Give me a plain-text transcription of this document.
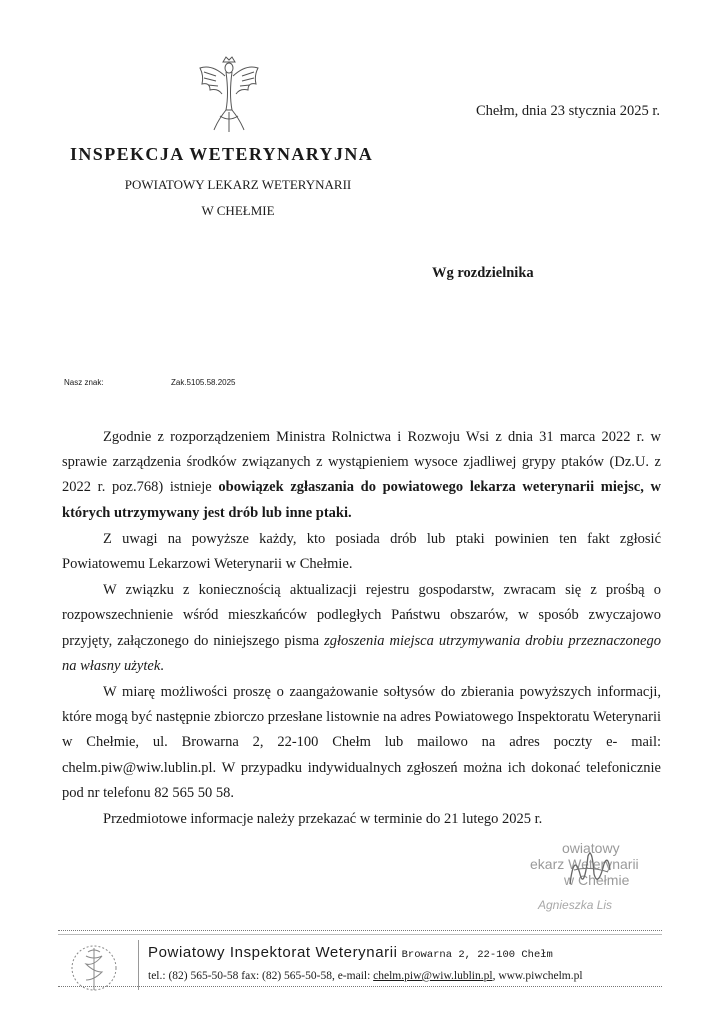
Chełm, dnia 23 stycznia 2025 r.
INSPEKCJA WETERYNARYJNA
POWIATOWY LEKARZ WETERYNARII
W CHEŁMIE
Wg rozdzielnika
Nasz znak:	Zak.5105.58.2025

Zgodnie z rozporządzeniem Ministra Rolnictwa i Rozwoju Wsi z dnia 31 marca 2022 r. w sprawie zarządzenia środków związanych z wystąpieniem wysoce zjadliwej grypy ptaków (Dz.U. z 2022 r. poz.768) istnieje obowiązek zgłaszania do powiatowego lekarza weterynarii miejsc, w których utrzymywany jest drób lub inne ptaki.

Z uwagi na powyższe każdy, kto posiada drób lub ptaki powinien ten fakt zgłosić Powiatowemu Lekarzowi Weterynarii w Chełmie.

W związku z koniecznością aktualizacji rejestru gospodarstw, zwracam się z prośbą o rozpowszechnienie wśród mieszkańców podległych Państwu obszarów, w sposób zwyczajowo przyjęty, załączonego do niniejszego pisma zgłoszenia miejsca utrzymywania drobiu przeznaczonego na własny użytek.

W miarę możliwości proszę o zaangażowanie sołtysów do zbierania powyższych informacji, które mogą być następnie zbiorczo przesłane listownie na adres Powiatowego Inspektoratu Weterynarii w Chełmie, ul. Browarna 2, 22-100 Chełm lub mailowo na adres poczty e- mail: chelm.piw@wiw.lublin.pl. W przypadku indywidualnych zgłoszeń można ich dokonać telefonicznie pod nr telefonu 82 565 50 58.

Przedmiotowe informacje należy przekazać w terminie do 21 lutego 2025 r.

owiatowy
ekarz Weterynarii
w Chełmie
Agnieszka Lis
Powiatowy Inspektorat Weterynarii Browarna 2, 22-100 Chełm
tel.: (82) 565-50-58 fax: (82) 565-50-58, e-mail: chelm.piw@wiw.lublin.pl, www.piwchelm.pl
